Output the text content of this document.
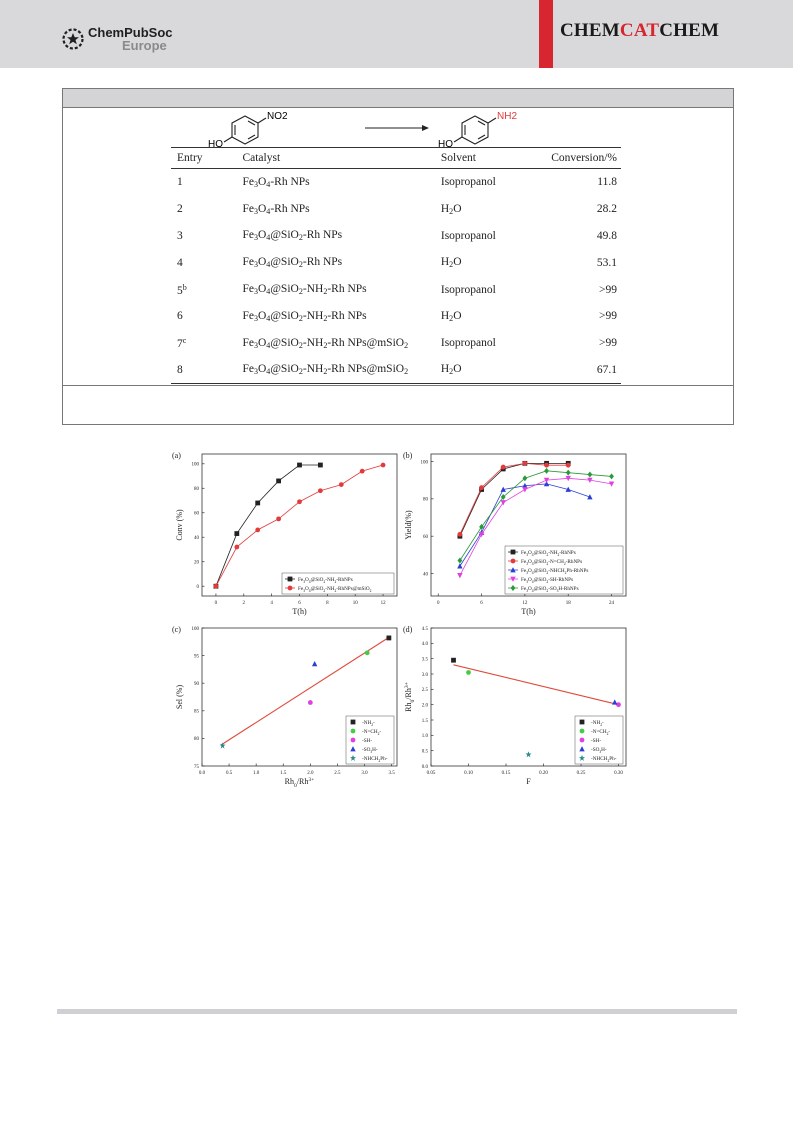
ChemPubSoc
Europe
CHEMCATCHEM
NO2
HO
NH2
HO
Entry	Catalyst	Solvent	Conversion/%
1	$Fe_3O_4-Rh$ NPs	Isopropanol	11.8
2	$Fe_3O_4-Rh$ NPs	$H_2O$	28.2
3	$Fe_3O_4@SiO_2-Rh$ NPs	Isopropanol	49.8
4	$Fe_3O_4@SiO_2-Rh$ NPs	$H_2O$	53.1
5$^b$	$Fe_3O_4@SiO_2-NH_2-Rh$ NPs	Isopropanol	>99
6	$Fe_3O_4@SiO_2-NH_2-Rh$ NPs	$H_2O$	>99
7$^c$	$Fe_3O_4@SiO_2-NH_2-Rh$ NPs@mSiO$_2$	Isopropanol	>99
8	$Fe_3O_4@SiO_2-NH_2-Rh$ NPs@mSiO$_2$	$H_2O$	67.1
(a)
0	2	4	6	8	10	12
0
20
40
60
80
100
T(h)
Conv (%)
$Fe_3O_4@SiO_2-NH_2$-RhNPs
$Fe_3O_4@SiO_2-NH_2-RhNPs@mSiO_2$
(b)
0	6	12	18	24
40
60
80
100
T(h)
Yield(%)
$Fe_3O_4@SiO_2-NH_2$-RhNPs
$Fe_3O_4@SiO_2-N=CH_2$-RhNPs
$Fe_3O_4@SiO_2-NHCH_2Ph$-RhNPs
$Fe_3O_4@SiO_2-SH$-RhNPs
$Fe_3O_4@SiO_2-SO_3H$-RhNPs
(c)
0.0	0.5	1.0	1.5	2.0	2.5	3.0	3.5
75
80
85
90
95
100
$Rh_0/Rh^{3+}$
Sel (%)
$-NH_2-$
$-N=CH_2-$
-SH-
$-SO_3H-$
$-NHCH_2Ph-$
(d)
0.05	0.10	0.15	0.20	0.25	0.30
0.0
0.5
1.0
1.5
2.0
2.5
3.0
3.5
4.0
4.5
F
$Rh_0/Rh^{3+}$
$-NH_2-$
$-N=CH_2-$
-SH-
$-SO_3H-$
$-NHCH_2Ph-$
